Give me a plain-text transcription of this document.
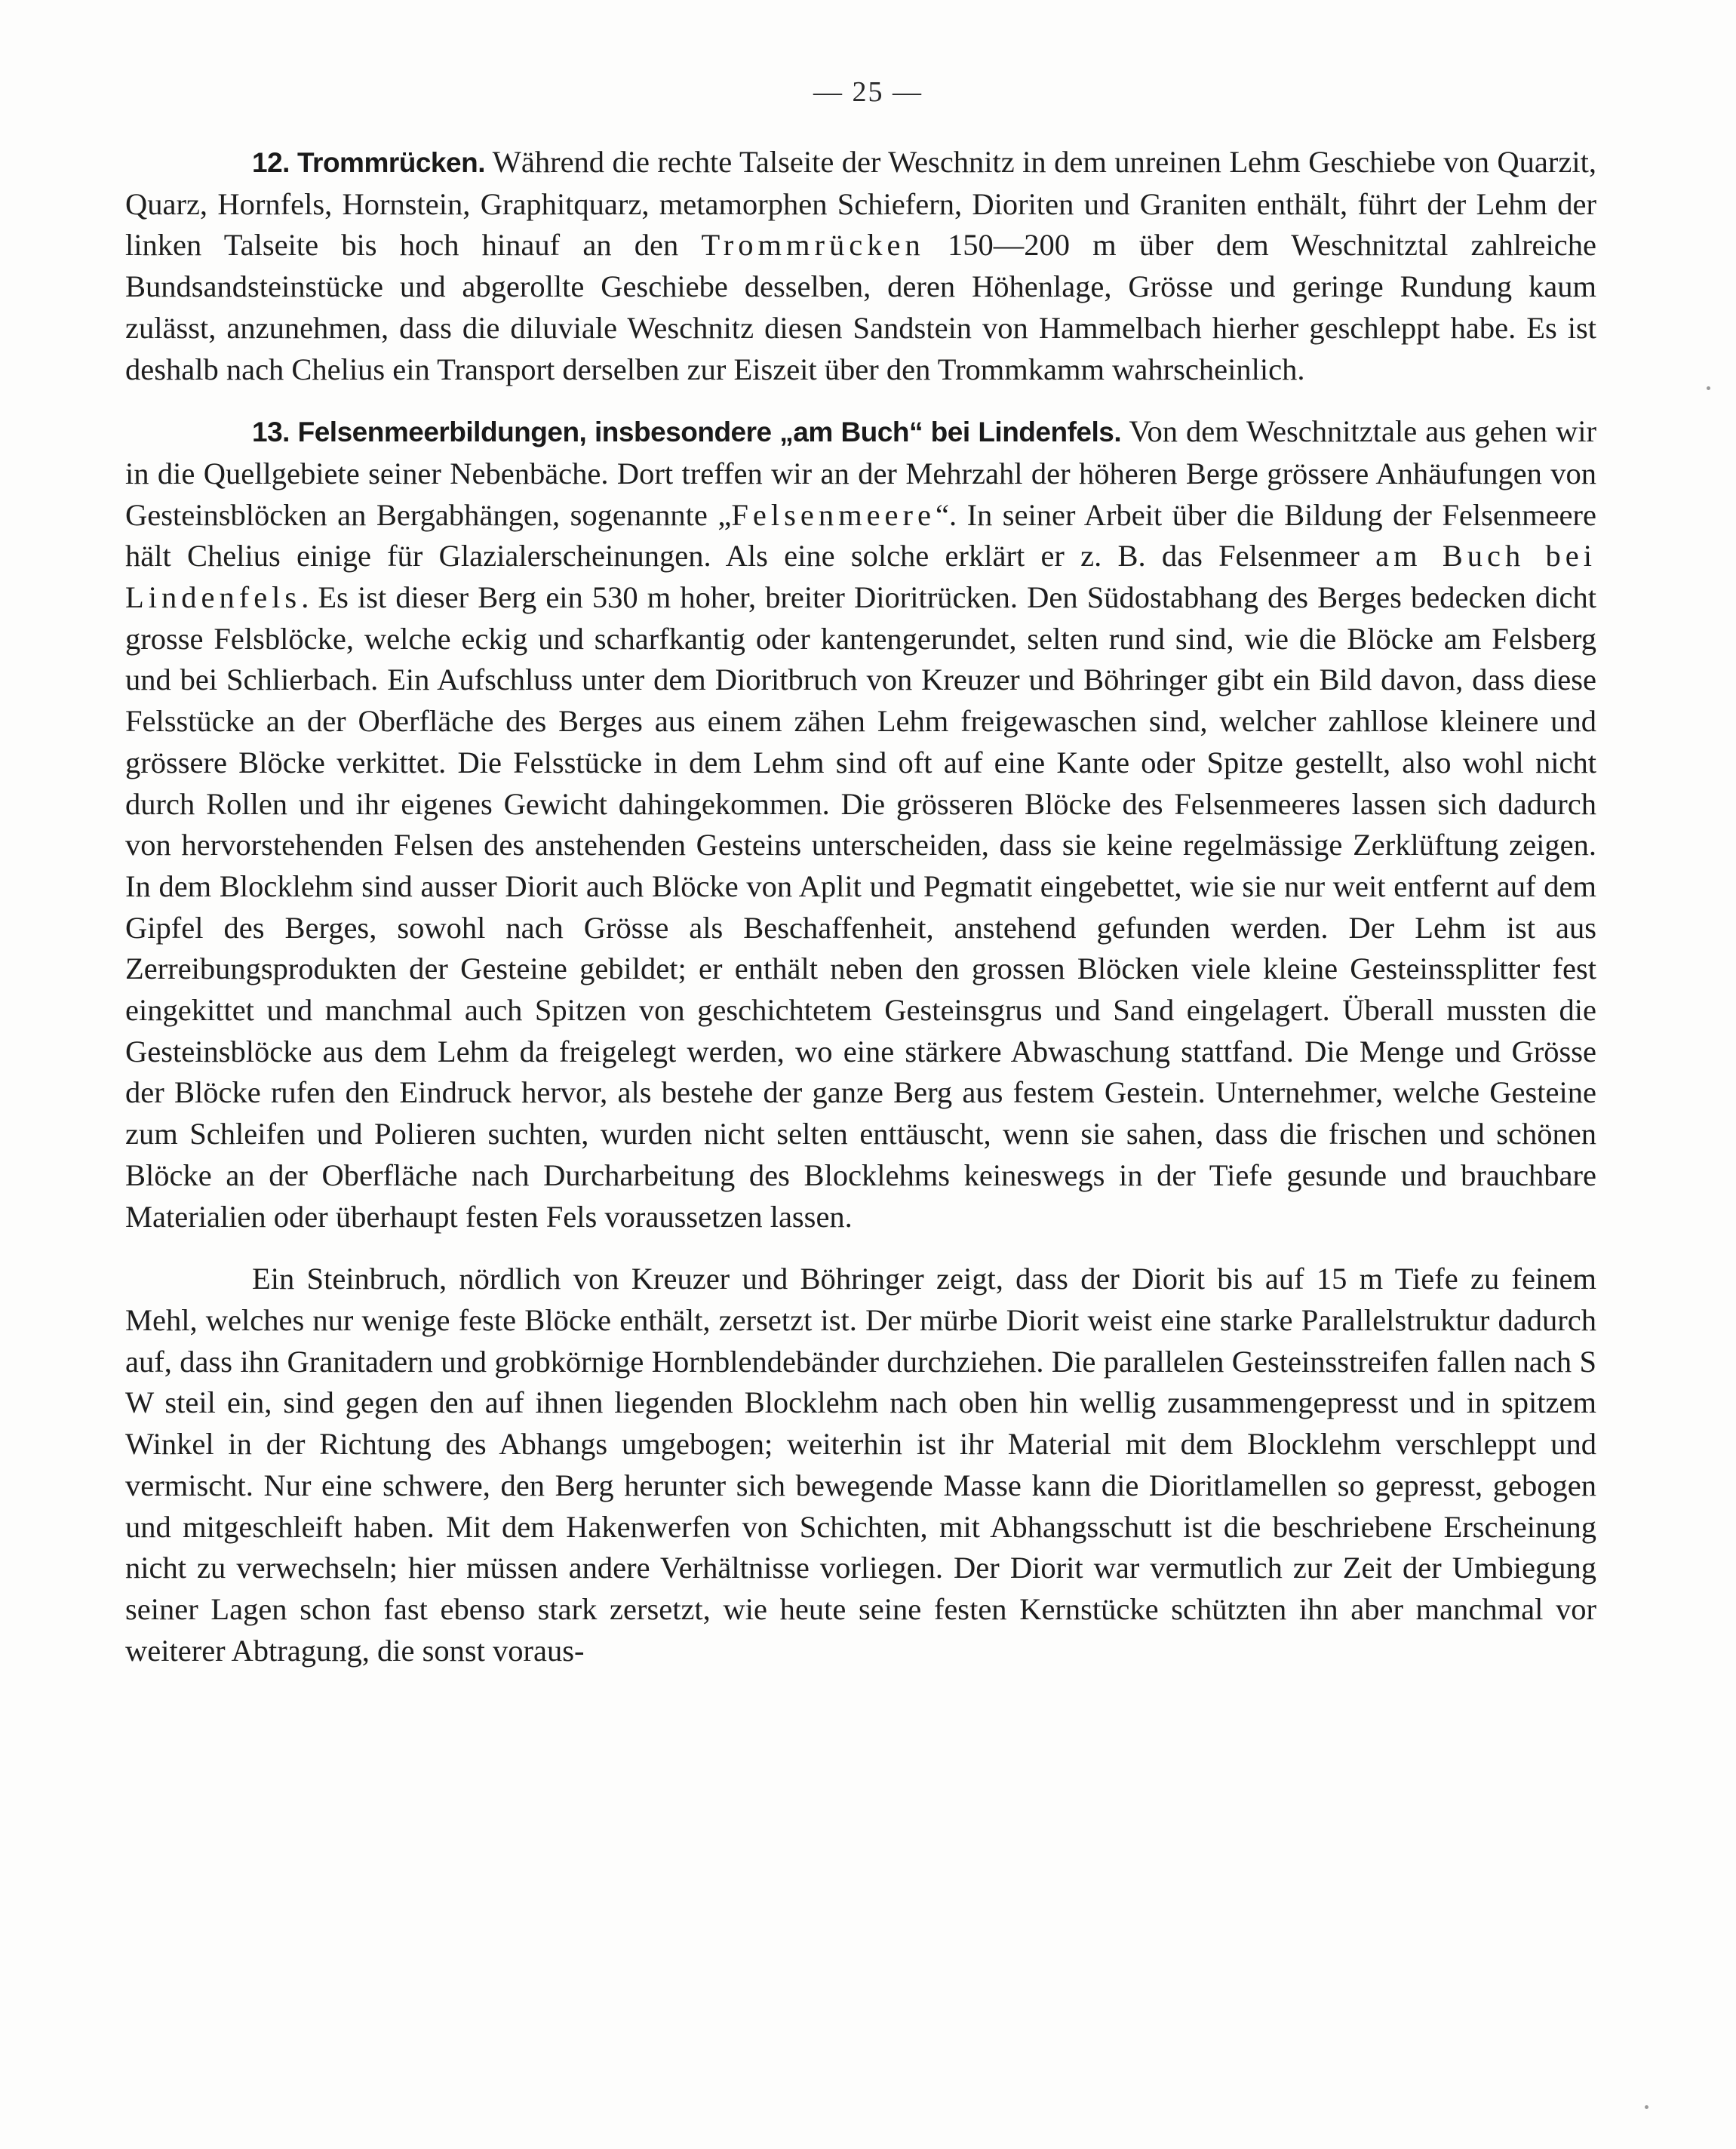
— 25 —

12. Trommrücken. Während die rechte Talseite der Weschnitz in dem unreinen Lehm Geschiebe von Quarzit, Quarz, Hornfels, Hornstein, Graphitquarz, metamorphen Schiefern, Dioriten und Graniten enthält, führt der Lehm der linken Talseite bis hoch hinauf an den Trommrücken 150—200 m über dem Weschnitztal zahlreiche Bundsandsteinstücke und abgerollte Geschiebe desselben, deren Höhenlage, Grösse und geringe Rundung kaum zulässt, anzunehmen, dass die diluviale Weschnitz diesen Sandstein von Hammelbach hierher geschleppt habe. Es ist deshalb nach Chelius ein Transport derselben zur Eiszeit über den Trommkamm wahrscheinlich.

13. Felsenmeerbildungen, insbesondere „am Buch“ bei Lindenfels. Von dem Weschnitztale aus gehen wir in die Quellgebiete seiner Nebenbäche. Dort treffen wir an der Mehrzahl der höheren Berge grössere Anhäufungen von Gesteinsblöcken an Bergabhängen, sogenannte „Felsenmeere“. In seiner Arbeit über die Bildung der Felsenmeere hält Chelius einige für Glazialerscheinungen. Als eine solche erklärt er z. B. das Felsenmeer am Buch bei Lindenfels. Es ist dieser Berg ein 530 m hoher, breiter Dioritrücken. Den Südostabhang des Berges bedecken dicht grosse Felsblöcke, welche eckig und scharfkantig oder kantengerundet, selten rund sind, wie die Blöcke am Felsberg und bei Schlierbach. Ein Aufschluss unter dem Dioritbruch von Kreuzer und Böhringer gibt ein Bild davon, dass diese Felsstücke an der Oberfläche des Berges aus einem zähen Lehm freigewaschen sind, welcher zahllose kleinere und grössere Blöcke verkittet. Die Felsstücke in dem Lehm sind oft auf eine Kante oder Spitze gestellt, also wohl nicht durch Rollen und ihr eigenes Gewicht dahingekommen. Die grösseren Blöcke des Felsenmeeres lassen sich dadurch von hervorstehenden Felsen des anstehenden Gesteins unterscheiden, dass sie keine regelmässige Zerklüftung zeigen. In dem Blocklehm sind ausser Diorit auch Blöcke von Aplit und Pegmatit eingebettet, wie sie nur weit entfernt auf dem Gipfel des Berges, sowohl nach Grösse als Beschaffenheit, anstehend gefunden werden. Der Lehm ist aus Zerreibungsprodukten der Gesteine gebildet; er enthält neben den grossen Blöcken viele kleine Gesteinssplitter fest eingekittet und manchmal auch Spitzen von geschichtetem Gesteinsgrus und Sand eingelagert. Überall mussten die Gesteinsblöcke aus dem Lehm da freigelegt werden, wo eine stärkere Abwaschung stattfand. Die Menge und Grösse der Blöcke rufen den Eindruck hervor, als bestehe der ganze Berg aus festem Gestein. Unternehmer, welche Gesteine zum Schleifen und Polieren suchten, wurden nicht selten enttäuscht, wenn sie sahen, dass die frischen und schönen Blöcke an der Oberfläche nach Durcharbeitung des Blocklehms keineswegs in der Tiefe gesunde und brauchbare Materialien oder überhaupt festen Fels voraussetzen lassen.

Ein Steinbruch, nördlich von Kreuzer und Böhringer zeigt, dass der Diorit bis auf 15 m Tiefe zu feinem Mehl, welches nur wenige feste Blöcke enthält, zersetzt ist. Der mürbe Diorit weist eine starke Parallelstruktur dadurch auf, dass ihn Granitadern und grobkörnige Hornblendebänder durchziehen. Die parallelen Gesteinsstreifen fallen nach S W steil ein, sind gegen den auf ihnen liegenden Blocklehm nach oben hin wellig zusammengepresst und in spitzem Winkel in der Richtung des Abhangs umgebogen; weiterhin ist ihr Material mit dem Blocklehm verschleppt und vermischt. Nur eine schwere, den Berg herunter sich bewegende Masse kann die Dioritlamellen so gepresst, gebogen und mitgeschleift haben. Mit dem Hakenwerfen von Schichten, mit Abhangsschutt ist die beschriebene Erscheinung nicht zu verwechseln; hier müssen andere Verhältnisse vorliegen. Der Diorit war vermutlich zur Zeit der Umbiegung seiner Lagen schon fast ebenso stark zersetzt, wie heute seine festen Kernstücke schützten ihn aber manchmal vor weiterer Abtragung, die sonst voraus-
